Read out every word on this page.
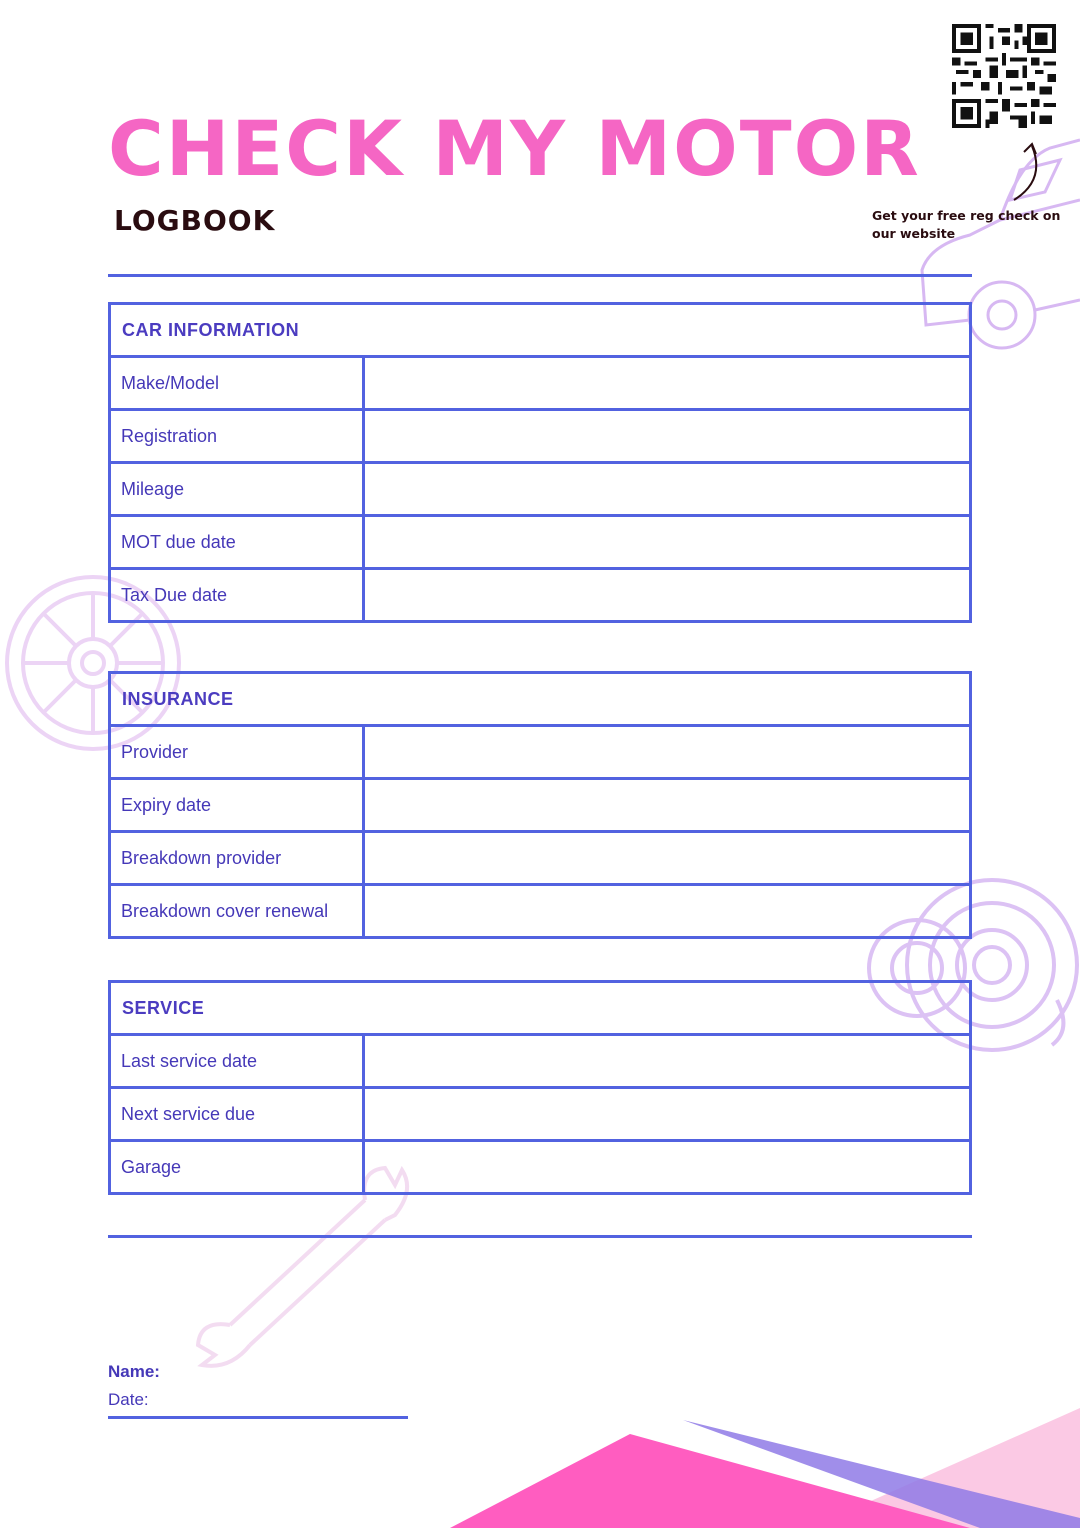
CHECK MY MOTOR
LOGBOOK	Get your free reg check on our website
CAR INFORMATION
Make/Model
Registration
Mileage
MOT due date
Tax Due date
INSURANCE
Provider
Expiry date
Breakdown provider
Breakdown cover renewal
SERVICE
Last service date
Next service due
Garage
Name:
Date:
